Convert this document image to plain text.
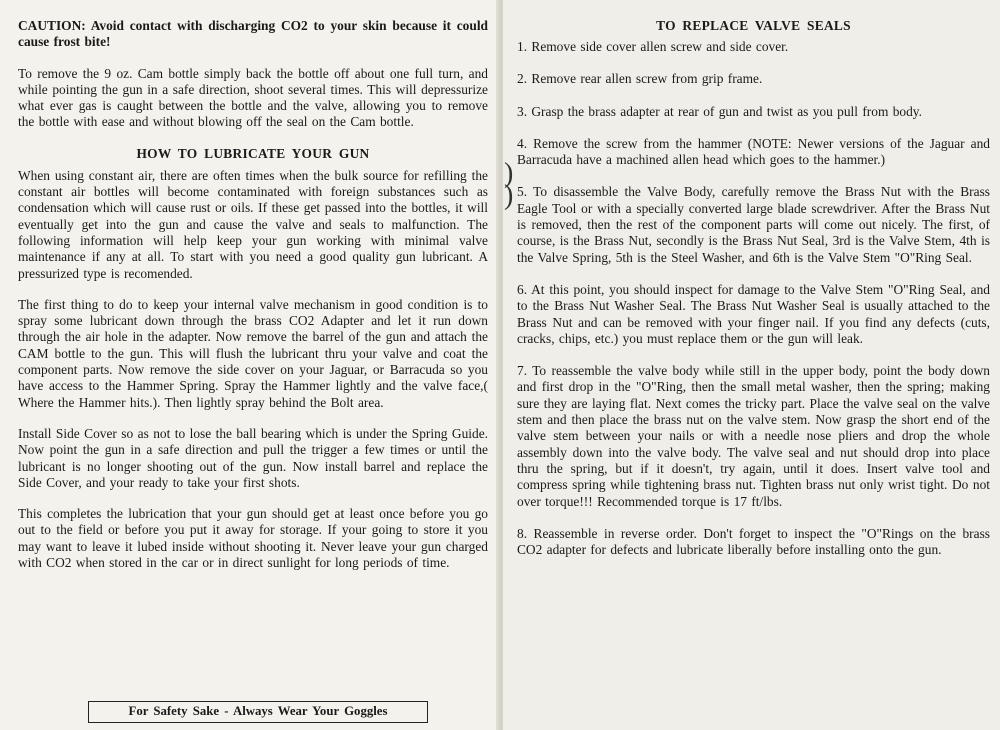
CAUTION: Avoid contact with discharging CO2 to your skin because it could cause frost bite!

To remove the 9 oz. Cam bottle simply back the bottle off about one full turn, and while pointing the gun in a safe direction, shoot several times. This will depressurize what ever gas is caught between the bottle and the valve, allowing you to remove the bottle with ease and without blowing off the seal on the Cam bottle.

HOW TO LUBRICATE YOUR GUN

When using constant air, there are often times when the bulk source for refilling the constant air bottles will become contaminated with foreign substances such as condensation which will cause rust or oils. If these get passed into the bottles, it will eventually get into the gun and cause the valve and seals to malfunction. The following information will help keep your gun working with minimal valve maintenance if any at all. To start with you need a good quality gun lubricant. A pressurized type is recomended.

The first thing to do to keep your internal valve mechanism in good condition is to spray some lubricant down through the brass CO2 Adapter and let it run down through the air hole in the adapter. Now remove the barrel of the gun and attach the CAM bottle to the gun. This will flush the lubricant thru your valve and coat the component parts. Now remove the side cover on your Jaguar, or Barracuda so you have access to the Hammer Spring. Spray the Hammer lightly and the valve face,( Where the Hammer hits.). Then lightly spray behind the Bolt area.

Install Side Cover so as not to lose the ball bearing which is under the Spring Guide. Now point the gun in a safe direction and pull the trigger a few times or until the lubricant is no longer shooting out of the gun. Now install barrel and replace the Side Cover, and your ready to take your first shots.

This completes the lubrication that your gun should get at least once before you go out to the field or before you put it away for storage. If your going to store it you may want to leave it lubed inside without shooting it. Never leave your gun charged with CO2 when stored in the car or in direct sunlight for long periods of time.

For Safety Sake - Always Wear Your Goggles
TO REPLACE VALVE SEALS

1. Remove side cover allen screw and side cover.

2. Remove rear allen screw from grip frame.

3. Grasp the brass adapter at rear of gun and twist as you pull from body.

4. Remove the screw from the hammer (NOTE: Newer versions of the Jaguar and Barracuda have a machined allen head which goes to the hammer.)

5. To disassemble the Valve Body, carefully remove the Brass Nut with the Brass Eagle Tool or with a specially converted large blade screwdriver. After the Brass Nut is removed, then the rest of the component parts will come out nicely. The first, of course, is the Brass Nut, secondly is the Brass Nut Seal, 3rd is the Valve Stem, 4th is the Valve Spring, 5th is the Steel Washer, and 6th is the Valve Stem "O"Ring Seal.

6. At this point, you should inspect for damage to the Valve Stem "O"Ring Seal, and to the Brass Nut Washer Seal. The Brass Nut Washer Seal is usually attached to the Brass Nut and can be removed with your finger nail. If you find any defects (cuts, cracks, chips, etc.) you must replace them or the gun will leak.

7. To reassemble the valve body while still in the upper body, point the body down and first drop in the "O"Ring, then the small metal washer, then the spring; making sure they are laying flat. Next comes the tricky part. Place the valve seal on the valve stem and then place the brass nut on the valve stem. Now grasp the short end of the valve stem between your nails or with a needle nose pliers and drop the whole assembly down into the valve body. The valve seal and nut should drop into place thru the spring, but if it doesn't, try again, until it does. Insert valve tool and compress spring while tightening brass nut. Tighten brass nut only wrist tight. Do not over torque!!! Recommended torque is 17 ft/lbs.

8. Reassemble in reverse order. Don't forget to inspect the "O"Rings on the brass CO2 adapter for defects and lubricate liberally before installing onto the gun.

)
)
